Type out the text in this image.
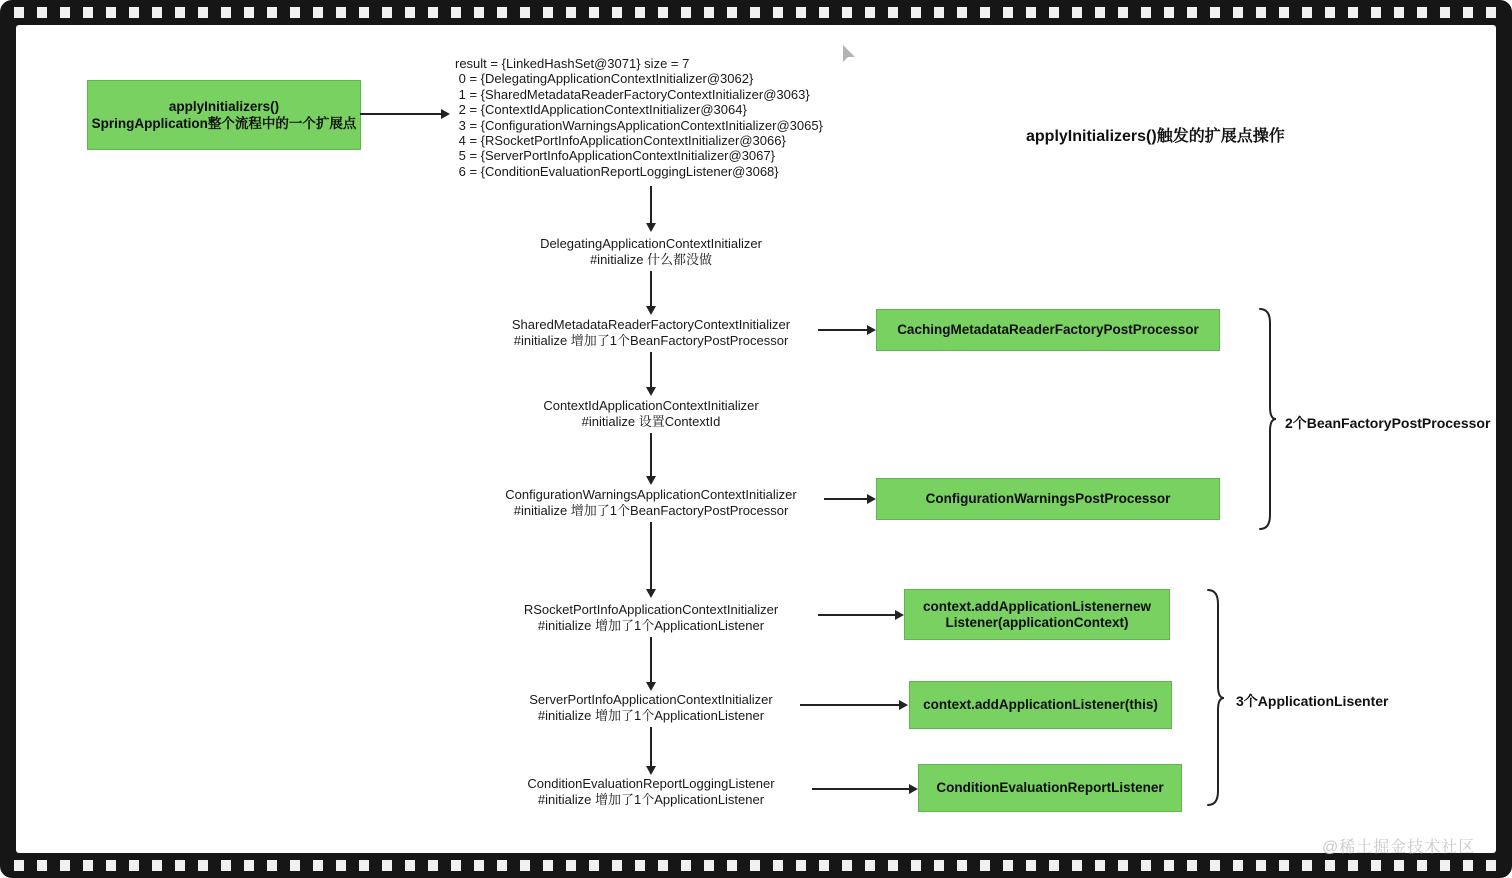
applyInitializers()
SpringApplication整个流程中的一个扩展点
result = {LinkedHashSet@3071} size = 7
0 = {DelegatingApplicationContextInitializer@3062}
1 = {SharedMetadataReaderFactoryContextInitializer@3063}
2 = {ContextIdApplicationContextInitializer@3064}
3 = {ConfigurationWarningsApplicationContextInitializer@3065}
4 = {RSocketPortInfoApplicationContextInitializer@3066}
5 = {ServerPortInfoApplicationContextInitializer@3067}
6 = {ConditionEvaluationReportLoggingListener@3068}
applyInitializers()触发的扩展点操作
DelegatingApplicationContextInitializer
#initialize 什么都没做
SharedMetadataReaderFactoryContextInitializer
#initialize 增加了1个BeanFactoryPostProcessor
ContextIdApplicationContextInitializer
#initialize 设置ContextId
ConfigurationWarningsApplicationContextInitializer
#initialize 增加了1个BeanFactoryPostProcessor
RSocketPortInfoApplicationContextInitializer
#initialize 增加了1个ApplicationListener
ServerPortInfoApplicationContextInitializer
#initialize 增加了1个ApplicationListener
ConditionEvaluationReportLoggingListener
#initialize 增加了1个ApplicationListener
CachingMetadataReaderFactoryPostProcessor
ConfigurationWarningsPostProcessor
context.addApplicationListenernew Listener(applicationContext)
context.addApplicationListener(this)
ConditionEvaluationReportListener
2个BeanFactoryPostProcessor
3个ApplicationLisenter
@稀土掘金技术社区
